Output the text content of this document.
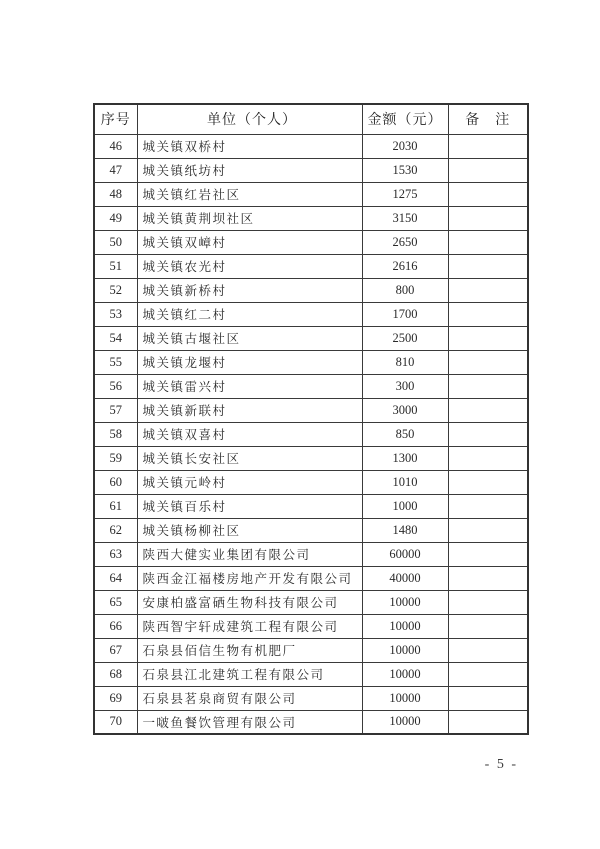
序号	单位（个人）	金额（元）	备　注
46	城关镇双桥村	2030	
47	城关镇纸坊村	1530	
48	城关镇红岩社区	1275	
49	城关镇黄荆坝社区	3150	
50	城关镇双嶂村	2650	
51	城关镇农光村	2616	
52	城关镇新桥村	800	
53	城关镇红二村	1700	
54	城关镇古堰社区	2500	
55	城关镇龙堰村	810	
56	城关镇雷兴村	300	
57	城关镇新联村	3000	
58	城关镇双喜村	850	
59	城关镇长安社区	1300	
60	城关镇元岭村	1010	
61	城关镇百乐村	1000	
62	城关镇杨柳社区	1480	
63	陕西大健实业集团有限公司	60000	
64	陕西金江福楼房地产开发有限公司	40000	
65	安康柏盛富硒生物科技有限公司	10000	
66	陕西智宇轩成建筑工程有限公司	10000	
67	石泉县佰信生物有机肥厂	10000	
68	石泉县江北建筑工程有限公司	10000	
69	石泉县茗泉商贸有限公司	10000	
70	一啵鱼餐饮管理有限公司	10000	
- 5 -
